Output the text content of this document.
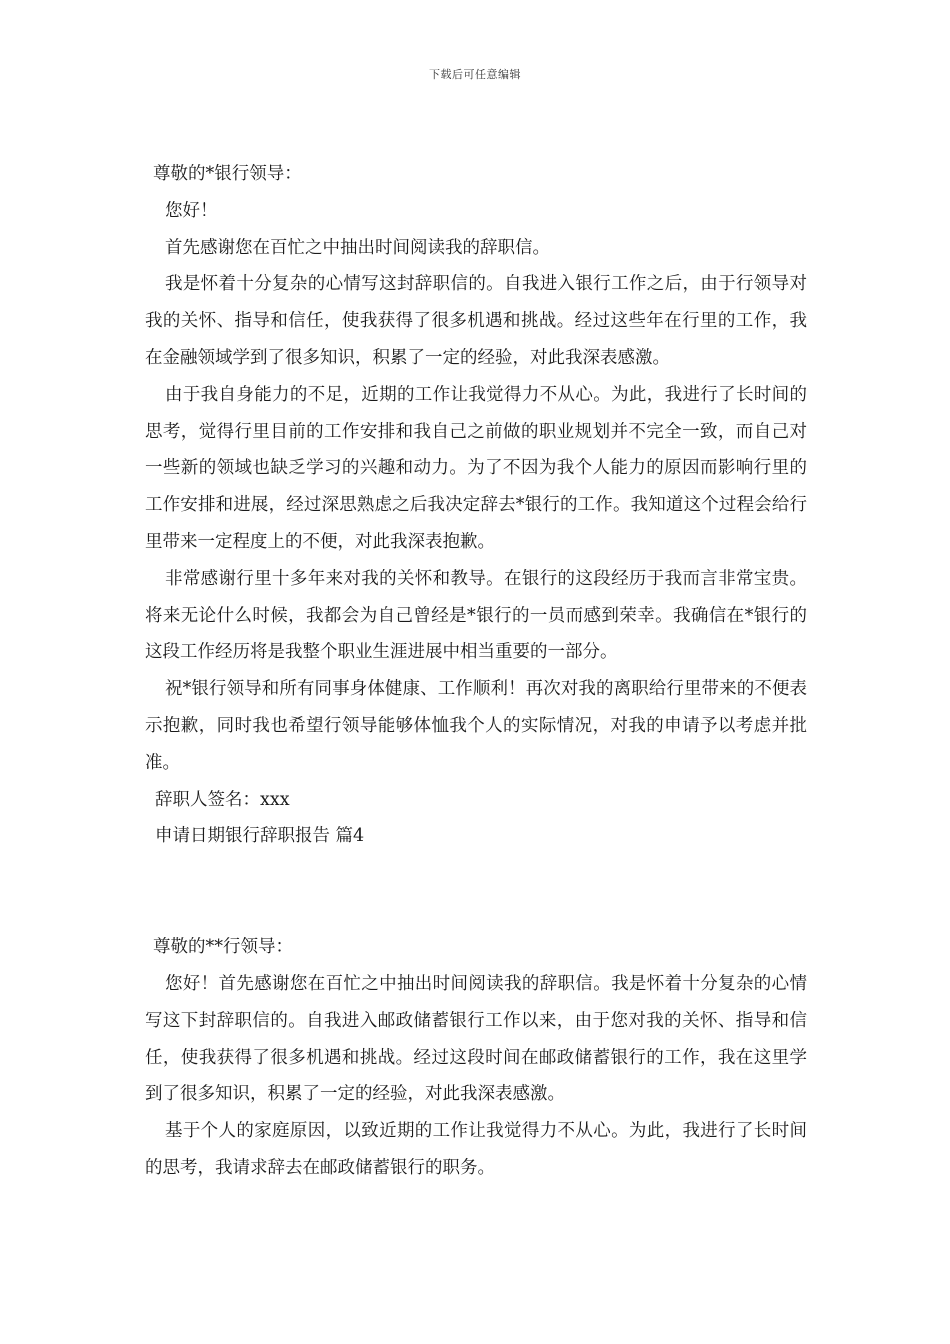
下载后可任意编辑

尊敬的*银行领导：

您好！

首先感谢您在百忙之中抽出时间阅读我的辞职信。

我是怀着十分复杂的心情写这封辞职信的。自我进入银行工作之后，由于行领导对我的关怀、指导和信任，使我获得了很多机遇和挑战。经过这些年在行里的工作，我在金融领域学到了很多知识，积累了一定的经验，对此我深表感激。

由于我自身能力的不足，近期的工作让我觉得力不从心。为此，我进行了长时间的思考，觉得行里目前的工作安排和我自己之前做的职业规划并不完全一致，而自己对一些新的领域也缺乏学习的兴趣和动力。为了不因为我个人能力的原因而影响行里的工作安排和进展，经过深思熟虑之后我决定辞去*银行的工作。我知道这个过程会给行里带来一定程度上的不便，对此我深表抱歉。

非常感谢行里十多年来对我的关怀和教导。在银行的这段经历于我而言非常宝贵。将来无论什么时候，我都会为自己曾经是*银行的一员而感到荣幸。我确信在*银行的这段工作经历将是我整个职业生涯进展中相当重要的一部分。

祝*银行领导和所有同事身体健康、工作顺利！再次对我的离职给行里带来的不便表示抱歉，同时我也希望行领导能够体恤我个人的实际情况，对我的申请予以考虑并批准。

辞职人签名：xxx

申请日期银行辞职报告 篇4

尊敬的**行领导：

您好！首先感谢您在百忙之中抽出时间阅读我的辞职信。我是怀着十分复杂的心情写这下封辞职信的。自我进入邮政储蓄银行工作以来，由于您对我的关怀、指导和信任，使我获得了很多机遇和挑战。经过这段时间在邮政储蓄银行的工作，我在这里学到了很多知识，积累了一定的经验，对此我深表感激。

基于个人的家庭原因，以致近期的工作让我觉得力不从心。为此，我进行了长时间的思考，我请求辞去在邮政储蓄银行的职务。
